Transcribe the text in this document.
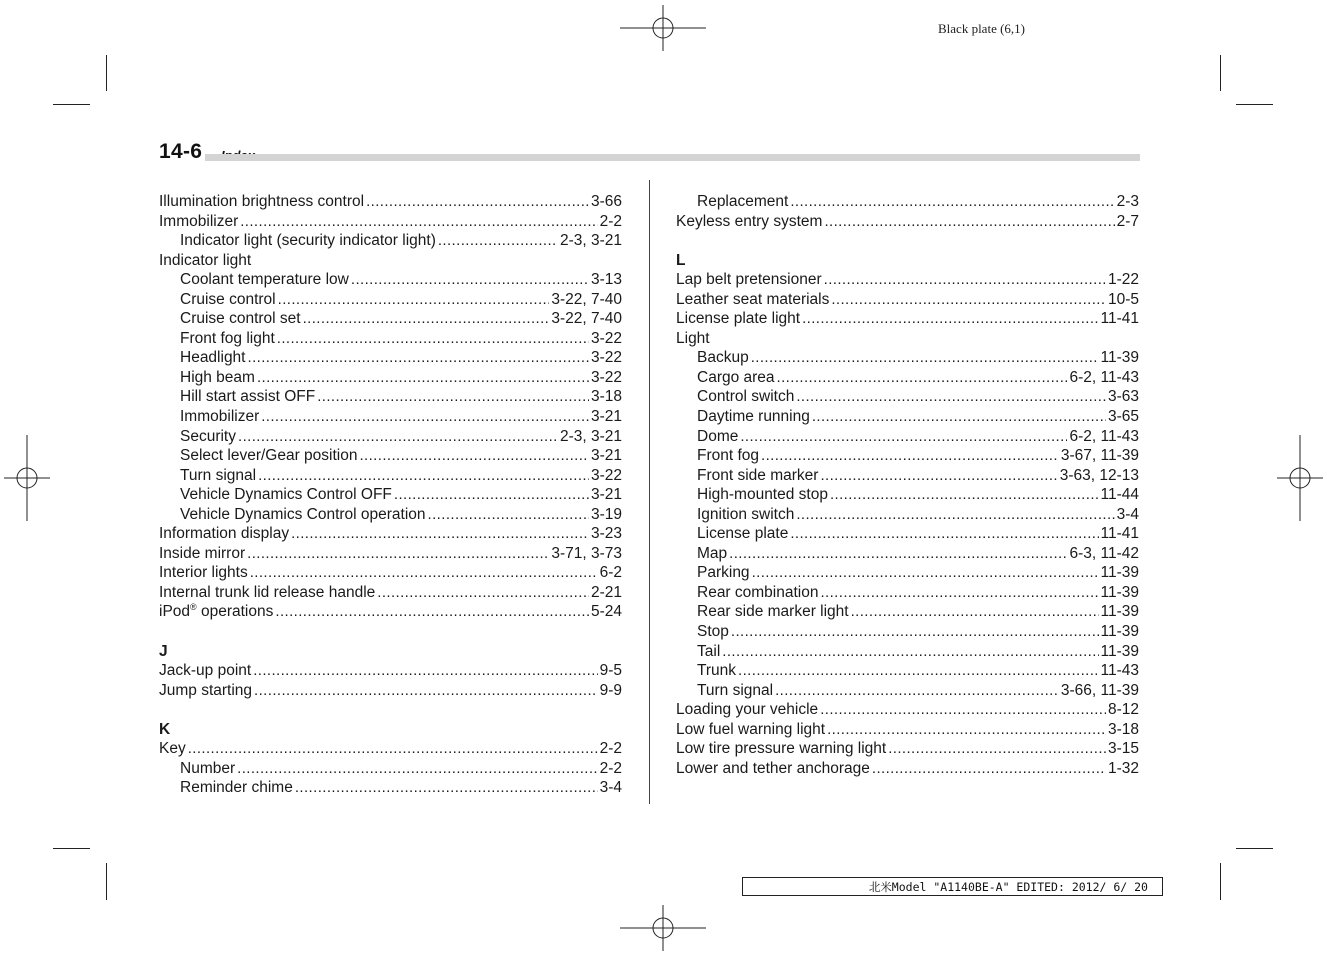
Black plate (6,1)
14-6
Illumination brightness control .....	3-66
Immobilizer .....	2-2
Indicator light (security indicator light) .....	2-3, 3-21
Indicator light
Coolant temperature low .....	3-13
Cruise control .....	3-22, 7-40
Cruise control set .....	3-22, 7-40
Front fog light .....	3-22
Headlight .....	3-22
High beam .....	3-22
Hill start assist OFF .....	3-18
Immobilizer .....	3-21
Security .....	2-3, 3-21
Select lever/Gear position .....	3-21
Turn signal .....	3-22
Vehicle Dynamics Control OFF .....	3-21
Vehicle Dynamics Control operation .....	3-19
Information display .....	3-23
Inside mirror .....	3-71, 3-73
Interior lights .....	6-2
Internal trunk lid release handle .....	2-21
iPod® operations .....	5-24
J
Jack-up point .....	9-5
Jump starting .....	9-9
K
Key .....	2-2
Number .....	2-2
Reminder chime .....	3-4
Replacement .....	2-3
Keyless entry system .....	2-7
L
Lap belt pretensioner .....	1-22
Leather seat materials .....	10-5
License plate light .....	11-41
Light
Backup .....	11-39
Cargo area .....	6-2, 11-43
Control switch .....	3-63
Daytime running .....	3-65
Dome .....	6-2, 11-43
Front fog .....	3-67, 11-39
Front side marker .....	3-63, 12-13
High-mounted stop .....	11-44
Ignition switch .....	3-4
License plate .....	11-41
Map .....	6-3, 11-42
Parking .....	11-39
Rear combination .....	11-39
Rear side marker light .....	11-39
Stop .....	11-39
Tail .....	11-39
Trunk .....	11-43
Turn signal .....	3-66, 11-39
Loading your vehicle .....	8-12
Low fuel warning light .....	3-18
Low tire pressure warning light .....	3-15
Lower and tether anchorage .....	1-32
北米Model "A1140BE-A" EDITED: 2012/ 6/ 20
